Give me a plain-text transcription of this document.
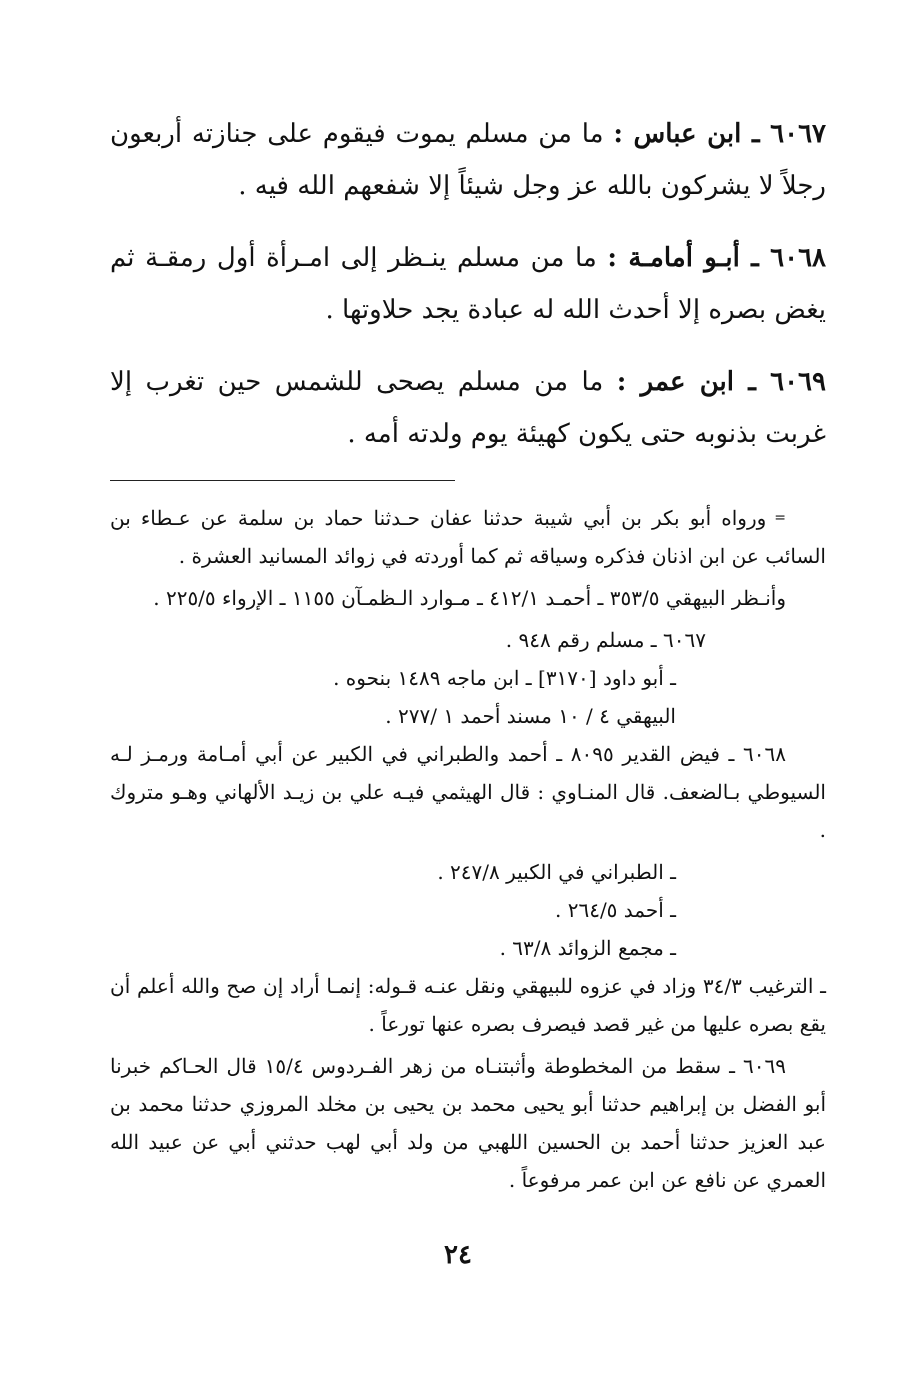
٦٠٦٧ ـ ابن عباس : ما من مسلم يموت فيقوم على جنازته أربعون رجلاً لا يشركون بالله عز وجل شيئاً إلا شفعهم الله فيه .

٦٠٦٨ ـ أبـو أمامـة : ما من مسلم ينـظر إلى امـرأة أول رمقـة ثم يغض بصره إلا أحدث الله له عبادة يجد حلاوتها .

٦٠٦٩ ـ ابن عمر : ما من مسلم يصحى للشمس حين تغرب إلا غربت بذنوبه حتى يكون كهيئة يوم ولدته أمه .

=ورواه أبو بكر بن أبي شيبة حدثنا عفان حـدثنا حماد بن سلمة عن عـطاء بن السائب عن ابن اذنان فذكره وسياقه ثم كما أوردته في زوائد المسانيد العشرة .

وأنـظر البيهقي ٣٥٣/٥ ـ أحمـد ٤١٢/١ ـ مـوارد الـظمـآن ١١٥٥ ـ الإرواء ٢٢٥/٥ .

٦٠٦٧ ـ مسلم رقم ٩٤٨ .

ـ أبو داود [٣١٧٠] ـ ابن ماجه ١٤٨٩ بنحوه .

البيهقي ٤ / ١٠ مسند أحمد ١ /٢٧٧ .

٦٠٦٨ ـ فيض القدير ٨٠٩٥ ـ أحمد والطبراني في الكبير عن أبي أمـامة ورمـز لـه السيوطي بـالضعف. قال المنـاوي : قال الهيثمي فيـه علي بن زيـد الألهاني وهـو متروك .

ـ الطبراني في الكبير ٢٤٧/٨ .

ـ أحمد ٢٦٤/٥ .

ـ مجمع الزوائد ٦٣/٨ .

ـ الترغيب ٣٤/٣ وزاد في عزوه للبيهقي ونقل عنـه قـوله: إنمـا أراد إن صح والله أعلم أن يقع بصره عليها من غير قصد فيصرف بصره عنها تورعاً .

٦٠٦٩ ـ سقط من المخطوطة وأثبتنـاه من زهر الفـردوس ١٥/٤ قال الحـاكم خبرنا أبو الفضل بن إبراهيم حدثنا أبو يحيى محمد بن يحيى بن مخلد المروزي حدثنا محمد بن عبد العزيز حدثنا أحمد بن الحسين اللهبي من ولد أبي لهب حدثني أبي عن عبيد الله العمري عن نافع عن ابن عمر مرفوعاً .

٢٤
